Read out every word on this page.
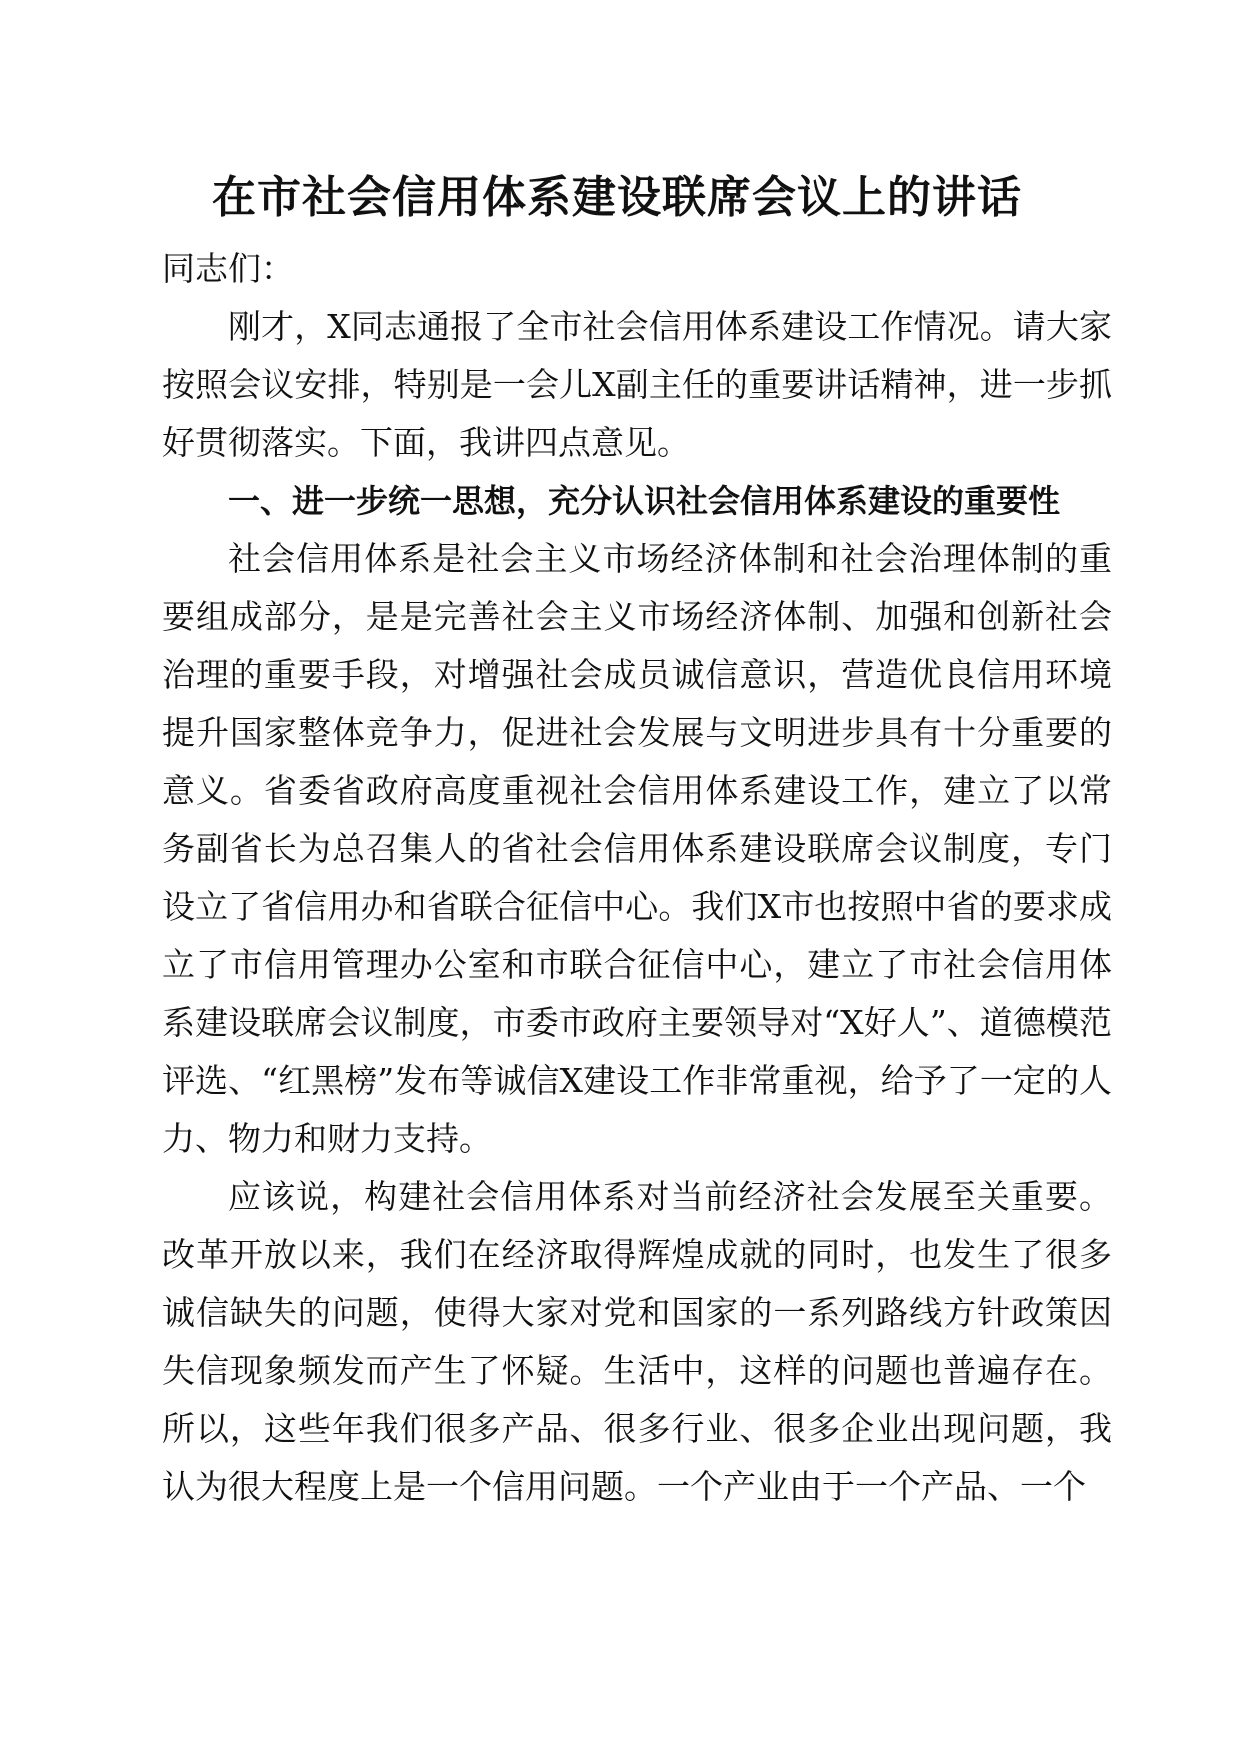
在市社会信用体系建设联席会议上的讲话

同志们：

刚才，X同志通报了全市社会信用体系建设工作情况。请大家按照会议安排，特别是一会儿X副主任的重要讲话精神，进一步抓好贯彻落实。下面，我讲四点意见。

一、进一步统一思想，充分认识社会信用体系建设的重要性

社会信用体系是社会主义市场经济体制和社会治理体制的重要组成部分，是是完善社会主义市场经济体制、加强和创新社会治理的重要手段，对增强社会成员诚信意识，营造优良信用环境提升国家整体竞争力，促进社会发展与文明进步具有十分重要的意义。省委省政府高度重视社会信用体系建设工作，建立了以常务副省长为总召集人的省社会信用体系建设联席会议制度，专门设立了省信用办和省联合征信中心。我们X市也按照中省的要求成立了市信用管理办公室和市联合征信中心，建立了市社会信用体系建设联席会议制度，市委市政府主要领导对“X好人”、道德模范评选、“红黑榜”发布等诚信X建设工作非常重视，给予了一定的人力、物力和财力支持。

应该说，构建社会信用体系对当前经济社会发展至关重要。改革开放以来，我们在经济取得辉煌成就的同时，也发生了很多诚信缺失的问题，使得大家对党和国家的一系列路线方针政策因失信现象频发而产生了怀疑。生活中，这样的问题也普遍存在。所以，这些年我们很多产品、很多行业、很多企业出现问题，我认为很大程度上是一个信用问题。一个产业由于一个产品、一个
